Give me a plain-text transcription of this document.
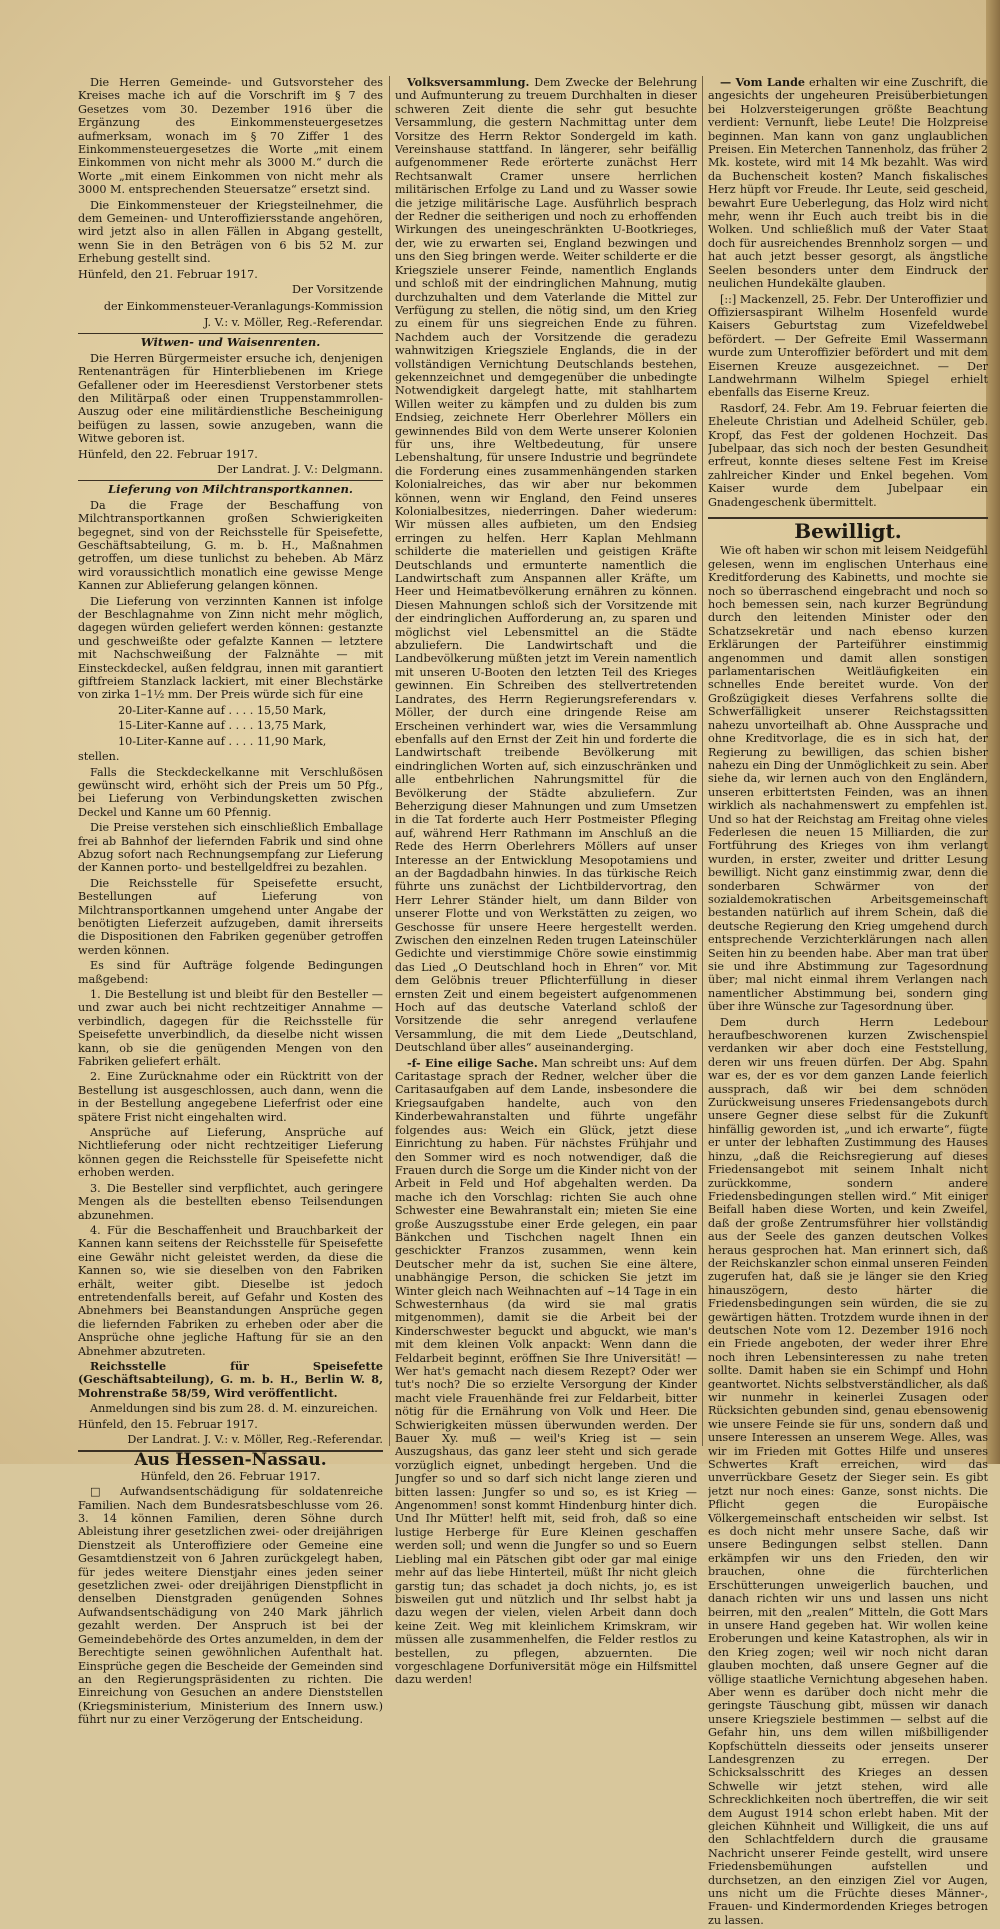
Die Herren Gemeinde- und Gutsvorsteher des Kreises mache ich auf die Vorschrift im § 7 des Gesetzes vom 30. Dezember 1916 über die Ergänzung des Einkommensteuergesetzes aufmerksam, wonach im § 70 Ziffer 1 des Einkommensteuergesetzes die Worte „mit einem Einkommen von nicht mehr als 3000 M.“ durch die Worte „mit einem Einkommen von nicht mehr als 3000 M. entsprechenden Steuersatze“ ersetzt sind.

Die Einkommensteuer der Kriegsteilnehmer, die dem Gemeinen- und Unteroffiziersstande angehören, wird jetzt also in allen Fällen in Abgang gestellt, wenn Sie in den Beträgen von 6 bis 52 M. zur Erhebung gestellt sind.

Hünfeld, den 21. Februar 1917.

Der Vorsitzende

der Einkommensteuer-Veranlagungs-Kommission

J. V.: v. Möller, Reg.-Referendar.

Witwen- und Waisenrenten.

Die Herren Bürgermeister ersuche ich, denjenigen Rentenanträgen für Hinterbliebenen im Kriege Gefallener oder im Heeresdienst Verstorbener stets den Militärpaß oder einen Truppenstammrollen-Auszug oder eine militärdienstliche Bescheinigung beifügen zu lassen, sowie anzugeben, wann die Witwe geboren ist.

Hünfeld, den 22. Februar 1917.

Der Landrat. J. V.: Delgmann.

Lieferung von Milchtransportkannen.

Da die Frage der Beschaffung von Milchtransportkannen großen Schwierigkeiten begegnet, sind von der Reichsstelle für Speisefette, Geschäftsabteilung, G. m. b. H., Maßnahmen getroffen, um diese tunlichst zu beheben. Ab März wird voraussichtlich monatlich eine gewisse Menge Kannen zur Ablieferung gelangen können.

Die Lieferung von verzinnten Kannen ist infolge der Beschlagnahme von Zinn nicht mehr möglich, dagegen würden geliefert werden können: gestanzte und geschweißte oder gefalzte Kannen — letztere mit Nachschweißung der Falznähte — mit Einsteckdeckel, außen feldgrau, innen mit garantiert giftfreiem Stanzlack lackiert, mit einer Blechstärke von zirka 1–1½ mm. Der Preis würde sich für eine

20-Liter-Kanne auf . . . . 15,50 Mark,

15-Liter-Kanne auf . . . . 13,75 Mark,

10-Liter-Kanne auf . . . . 11,90 Mark,

stellen.

Falls die Steckdeckelkanne mit Verschlußösen gewünscht wird, erhöht sich der Preis um 50 Pfg., bei Lieferung von Verbindungsketten zwischen Deckel und Kanne um 60 Pfennig.

Die Preise verstehen sich einschließlich Emballage frei ab Bahnhof der liefernden Fabrik und sind ohne Abzug sofort nach Rechnungsempfang zur Lieferung der Kannen porto- und bestellgeldfrei zu bezahlen.

Die Reichsstelle für Speisefette ersucht, Bestellungen auf Lieferung von Milchtransportkannen umgehend unter Angabe der benötigten Lieferzeit aufzugeben, damit ihrerseits die Dispositionen den Fabriken gegenüber getroffen werden können.

Es sind für Aufträge folgende Bedingungen maßgebend:

1. Die Bestellung ist und bleibt für den Besteller — und zwar auch bei nicht rechtzeitiger Annahme — verbindlich, dagegen für die Reichsstelle für Speisefette unverbindlich, da dieselbe nicht wissen kann, ob sie die genügenden Mengen von den Fabriken geliefert erhält.

2. Eine Zurücknahme oder ein Rücktritt von der Bestellung ist ausgeschlossen, auch dann, wenn die in der Bestellung angegebene Lieferfrist oder eine spätere Frist nicht eingehalten wird.

Ansprüche auf Lieferung, Ansprüche auf Nichtlieferung oder nicht rechtzeitiger Lieferung können gegen die Reichsstelle für Speisefette nicht erhoben werden.

3. Die Besteller sind verpflichtet, auch geringere Mengen als die bestellten ebenso Teilsendungen abzunehmen.

4. Für die Beschaffenheit und Brauchbarkeit der Kannen kann seitens der Reichsstelle für Speisefette eine Gewähr nicht geleistet werden, da diese die Kannen so, wie sie dieselben von den Fabriken erhält, weiter gibt. Dieselbe ist jedoch entretendenfalls bereit, auf Gefahr und Kosten des Abnehmers bei Beanstandungen Ansprüche gegen die liefernden Fabriken zu erheben oder aber die Ansprüche ohne jegliche Haftung für sie an den Abnehmer abzutreten.

Reichsstelle für Speisefette (Geschäftsabteilung), G. m. b. H., Berlin W. 8, Mohrenstraße 58/59, Wird veröffentlicht.

Anmeldungen sind bis zum 28. d. M. einzureichen.

Hünfeld, den 15. Februar 1917.

Der Landrat. J. V.: v. Möller, Reg.-Referendar.

Aus Hessen-Nassau.
Hünfeld, den 26. Februar 1917.

□ Aufwandsentschädigung für soldatenreiche Familien. Nach dem Bundesratsbeschlusse vom 26. 3. 14 können Familien, deren Söhne durch Ableistung ihrer gesetzlichen zwei- oder dreijährigen Dienstzeit als Unteroffiziere oder Gemeine eine Gesamtdienstzeit von 6 Jahren zurückgelegt haben, für jedes weitere Dienstjahr eines jeden seiner gesetzlichen zwei- oder dreijährigen Dienstpflicht in denselben Dienstgraden genügenden Sohnes Aufwandsentschädigung von 240 Mark jährlich gezahlt werden. Der Anspruch ist bei der Gemeindebehörde des Ortes anzumelden, in dem der Berechtigte seinen gewöhnlichen Aufenthalt hat. Einsprüche gegen die Bescheide der Gemeinden sind an den Regierungspräsidenten zu richten. Die Einreichung von Gesuchen an andere Dienststellen (Kriegsministerium, Ministerium des Innern usw.) führt nur zu einer Verzögerung der Entscheidung.

Volksversammlung. Dem Zwecke der Belehrung und Aufmunterung zu treuem Durchhalten in dieser schweren Zeit diente die sehr gut besuchte Versammlung, die gestern Nachmittag unter dem Vorsitze des Herrn Rektor Sondergeld im kath. Vereinshause stattfand. In längerer, sehr beifällig aufgenommener Rede erörterte zunächst Herr Rechtsanwalt Cramer unsere herrlichen militärischen Erfolge zu Land und zu Wasser sowie die jetzige militärische Lage. Ausführlich besprach der Redner die seitherigen und noch zu erhoffenden Wirkungen des uneingeschränkten U-Bootkrieges, der, wie zu erwarten sei, England bezwingen und uns den Sieg bringen werde. Weiter schilderte er die Kriegsziele unserer Feinde, namentlich Englands und schloß mit der eindringlichen Mahnung, mutig durchzuhalten und dem Vaterlande die Mittel zur Verfügung zu stellen, die nötig sind, um den Krieg zu einem für uns siegreichen Ende zu führen. Nachdem auch der Vorsitzende die geradezu wahnwitzigen Kriegsziele Englands, die in der vollständigen Vernichtung Deutschlands bestehen, gekennzeichnet und demgegenüber die unbedingte Notwendigkeit dargelegt hatte, mit stahlhartem Willen weiter zu kämpfen und zu dulden bis zum Endsieg, zeichnete Herr Oberlehrer Möllers ein gewinnendes Bild von dem Werte unserer Kolonien für uns, ihre Weltbedeutung, für unsere Lebenshaltung, für unsere Industrie und begründete die Forderung eines zusammenhängenden starken Kolonialreiches, das wir aber nur bekommen können, wenn wir England, den Feind unseres Kolonialbesitzes, niederringen. Daher wiederum: Wir müssen alles aufbieten, um den Endsieg erringen zu helfen. Herr Kaplan Mehlmann schilderte die materiellen und geistigen Kräfte Deutschlands und ermunterte namentlich die Landwirtschaft zum Anspannen aller Kräfte, um Heer und Heimatbevölkerung ernähren zu können. Diesen Mahnungen schloß sich der Vorsitzende mit der eindringlichen Aufforderung an, zu sparen und möglichst viel Lebensmittel an die Städte abzuliefern. Die Landwirtschaft und die Landbevölkerung müßten jetzt im Verein namentlich mit unseren U-Booten den letzten Teil des Krieges gewinnen. Ein Schreiben des stellvertretenden Landrates, des Herrn Regierungsreferendars v. Möller, der durch eine dringende Reise am Erscheinen verhindert war, wies die Versammlung ebenfalls auf den Ernst der Zeit hin und forderte die Landwirtschaft treibende Bevölkerung mit eindringlichen Worten auf, sich einzuschränken und alle entbehrlichen Nahrungsmittel für die Bevölkerung der Städte abzuliefern. Zur Beherzigung dieser Mahnungen und zum Umsetzen in die Tat forderte auch Herr Postmeister Pfleging auf, während Herr Rathmann im Anschluß an die Rede des Herrn Oberlehrers Möllers auf unser Interesse an der Entwicklung Mesopotamiens und an der Bagdadbahn hinwies. In das türkische Reich führte uns zunächst der Lichtbildervortrag, den Herr Lehrer Ständer hielt, um dann Bilder von unserer Flotte und von Werkstätten zu zeigen, wo Geschosse für unsere Heere hergestellt werden. Zwischen den einzelnen Reden trugen Lateinschüler Gedichte und vierstimmige Chöre sowie einstimmig das Lied „O Deutschland hoch in Ehren“ vor. Mit dem Gelöbnis treuer Pflichterfüllung in dieser ernsten Zeit und einem begeistert aufgenommenen Hoch auf das deutsche Vaterland schloß der Vorsitzende die sehr anregend verlaufene Versammlung, die mit dem Liede „Deutschland, Deutschland über alles“ auseinanderging.

-f- Eine eilige Sache. Man schreibt uns: Auf dem Caritastage sprach der Redner, welcher über die Caritasaufgaben auf dem Lande, insbesondere die Kriegsaufgaben handelte, auch von den Kinderbewahranstalten und führte ungefähr folgendes aus: Weich ein Glück, jetzt diese Einrichtung zu haben. Für nächstes Frühjahr und den Sommer wird es noch notwendiger, daß die Frauen durch die Sorge um die Kinder nicht von der Arbeit in Feld und Hof abgehalten werden. Da mache ich den Vorschlag: richten Sie auch ohne Schwester eine Bewahranstalt ein; mieten Sie eine große Auszugsstube einer Erde gelegen, ein paar Bänkchen und Tischchen nagelt Ihnen ein geschickter Franzos zusammen, wenn kein Deutscher mehr da ist, suchen Sie eine ältere, unabhängige Person, die schicken Sie jetzt im Winter gleich nach Weihnachten auf ~14 Tage in ein Schwesternhaus (da wird sie mal gratis mitgenommen), damit sie die Arbeit bei der Kinderschwester beguckt und abguckt, wie man's mit dem kleinen Volk anpackt: Wenn dann die Feldarbeit beginnt, eröffnen Sie Ihre Universität! — Wer hat's gemacht nach diesem Rezept? Oder wer tut's noch? Die so erzielte Versorgung der Kinder macht viele Frauenhände frei zur Feldarbeit, bitter nötig für die Ernährung von Volk und Heer. Die Schwierigkeiten müssen überwunden werden. Der Bauer Xy. muß — weil's Krieg ist — sein Auszugshaus, das ganz leer steht und sich gerade vorzüglich eignet, unbedingt hergeben. Und die Jungfer so und so darf sich nicht lange zieren und bitten lassen: Jungfer so und so, es ist Krieg — Angenommen! sonst kommt Hindenburg hinter dich. Und Ihr Mütter! helft mit, seid froh, daß so eine lustige Herberge für Eure Kleinen geschaffen werden soll; und wenn die Jungfer so und so Euern Liebling mal ein Pätschen gibt oder gar mal einige mehr auf das liebe Hinterteil, müßt Ihr nicht gleich garstig tun; das schadet ja doch nichts, jo, es ist bisweilen gut und nützlich und Ihr selbst habt ja dazu wegen der vielen, vielen Arbeit dann doch keine Zeit. Weg mit kleinlichem Krimskram, wir müssen alle zusammenhelfen, die Felder restlos zu bestellen, zu pflegen, abzuernten. Die vorgeschlagene Dorfuniversität möge ein Hilfsmittel dazu werden!

— Vom Lande erhalten wir eine Zuschrift, die angesichts der ungeheuren Preisüberbietungen bei Holzversteigerungen größte Beachtung verdient: Vernunft, liebe Leute! Die Holzpreise beginnen. Man kann von ganz unglaublichen Preisen. Ein Meterchen Tannenholz, das früher 2 Mk. kostete, wird mit 14 Mk bezahlt. Was wird da Buchenscheit kosten? Manch fiskalisches Herz hüpft vor Freude. Ihr Leute, seid gescheid, bewahrt Eure Ueberlegung, das Holz wird nicht mehr, wenn ihr Euch auch treibt bis in die Wolken. Und schließlich muß der Vater Staat doch für ausreichendes Brennholz sorgen — und hat auch jetzt besser gesorgt, als ängstliche Seelen besonders unter dem Eindruck der neulichen Hundekälte glauben.

[::] Mackenzell, 25. Febr. Der Unteroffizier und Offiziersaspirant Wilhelm Hosenfeld wurde Kaisers Geburtstag zum Vizefeldwebel befördert. — Der Gefreite Emil Wassermann wurde zum Unteroffizier befördert und mit dem Eisernen Kreuze ausgezeichnet. — Der Landwehrmann Wilhelm Spiegel erhielt ebenfalls das Eiserne Kreuz.

Rasdorf, 24. Febr. Am 19. Februar feierten die Eheleute Christian und Adelheid Schüler, geb. Kropf, das Fest der goldenen Hochzeit. Das Jubelpaar, das sich noch der besten Gesundheit erfreut, konnte dieses seltene Fest im Kreise zahlreicher Kinder und Enkel begehen. Vom Kaiser wurde dem Jubelpaar ein Gnadengeschenk übermittelt.

Bewilligt.

Wie oft haben wir schon mit leisem Neidgefühl gelesen, wenn im englischen Unterhaus eine Kreditforderung des Kabinetts, und mochte sie noch so überraschend eingebracht und noch so hoch bemessen sein, nach kurzer Begründung durch den leitenden Minister oder den Schatzsekretär und nach ebenso kurzen Erklärungen der Parteiführer einstimmig angenommen und damit allen sonstigen parlamentarischen Weitläufigkeiten ein schnelles Ende bereitet wurde. Von der Großzügigkeit dieses Verfahrens sollte die Schwerfälligkeit unserer Reichstagssitten nahezu unvorteilhaft ab. Ohne Aussprache und ohne Kreditvorlage, die es in sich hat, der Regierung zu bewilligen, das schien bisher nahezu ein Ding der Unmöglichkeit zu sein. Aber siehe da, wir lernen auch von den Engländern, unseren erbittertsten Feinden, was an ihnen wirklich als nachahmenswert zu empfehlen ist. Und so hat der Reichstag am Freitag ohne vieles Federlesen die neuen 15 Milliarden, die zur Fortführung des Krieges von ihm verlangt wurden, in erster, zweiter und dritter Lesung bewilligt. Nicht ganz einstimmig zwar, denn die sonderbaren Schwärmer von der sozialdemokratischen Arbeitsgemeinschaft bestanden natürlich auf ihrem Schein, daß die deutsche Regierung den Krieg umgehend durch entsprechende Verzichterklärungen nach allen Seiten hin zu beenden habe. Aber man trat über sie und ihre Abstimmung zur Tagesordnung über; mal nicht einmal ihrem Verlangen nach namentlicher Abstimmung bei, sondern ging über ihre Wünsche zur Tagesordnung über.

Dem durch Herrn Ledebour heraufbeschworenen kurzen Zwischenspiel verdanken wir aber doch eine Feststellung, deren wir uns freuen dürfen. Der Abg. Spahn war es, der es vor dem ganzen Lande feierlich aussprach, daß wir bei dem schnöden Zurückweisung unseres Friedensangebots durch unsere Gegner diese selbst für die Zukunft hinfällig geworden ist, „und ich erwarte“, fügte er unter der lebhaften Zustimmung des Hauses hinzu, „daß die Reichsregierung auf dieses Friedensangebot mit seinem Inhalt nicht zurückkomme, sondern andere Friedensbedingungen stellen wird.“ Mit einiger Beifall haben diese Worten, und kein Zweifel, daß der große Zentrumsführer hier vollständig aus der Seele des ganzen deutschen Volkes heraus gesprochen hat. Man erinnert sich, daß der Reichskanzler schon einmal unseren Feinden zugerufen hat, daß sie je länger sie den Krieg hinauszögern, desto härter die Friedensbedingungen sein würden, die sie zu gewärtigen hätten. Trotzdem wurde ihnen in der deutschen Note vom 12. Dezember 1916 noch ein Friede angeboten, der weder ihrer Ehre noch ihren Lebensinteressen zu nahe treten sollte. Damit haben sie ein Schimpf und Hohn geantwortet. Nichts selbstverständlicher, als daß wir nunmehr in keinerlei Zusagen oder Rücksichten gebunden sind, genau ebensowenig wie unsere Feinde sie für uns, sondern daß und unsere Interessen an unserem Wege. Alles, was wir im Frieden mit Gottes Hilfe und unseres Schwertes Kraft erreichen, wird das unverrückbare Gesetz der Sieger sein. Es gibt jetzt nur noch eines: Ganze, sonst nichts. Die Pflicht gegen die Europäische Völkergemeinschaft entscheiden wir selbst. Ist es doch nicht mehr unsere Sache, daß wir unsere Bedingungen selbst stellen. Dann erkämpfen wir uns den Frieden, den wir brauchen, ohne die fürchterlichen Erschütterungen unweigerlich bauchen, und danach richten wir uns und lassen uns nicht beirren, mit den „realen“ Mitteln, die Gott Mars in unsere Hand gegeben hat. Wir wollen keine Eroberungen und keine Katastrophen, als wir in den Krieg zogen; weil wir noch nicht daran glauben mochten, daß unsere Gegner auf die völlige staatliche Vernichtung abgesehen haben. Aber wenn es darüber doch nicht mehr die geringste Täuschung gibt, müssen wir danach unsere Kriegsziele bestimmen — selbst auf die Gefahr hin, uns dem willen mißbilligender Kopfschütteln diesseits oder jenseits unserer Landesgrenzen zu erregen. Der Schicksalsschritt des Krieges an dessen Schwelle wir jetzt stehen, wird alle Schrecklichkeiten noch übertreffen, die wir seit dem August 1914 schon erlebt haben. Mit der gleichen Kühnheit und Willigkeit, die uns auf den Schlachtfeldern durch die grausame Nachricht unserer Feinde gestellt, wird unsere Friedensbemühungen aufstellen und durchsetzen, an den einzigen Ziel vor Augen, uns nicht um die Früchte dieses Männer-, Frauen- und Kindermordenden Krieges betrogen zu lassen.
